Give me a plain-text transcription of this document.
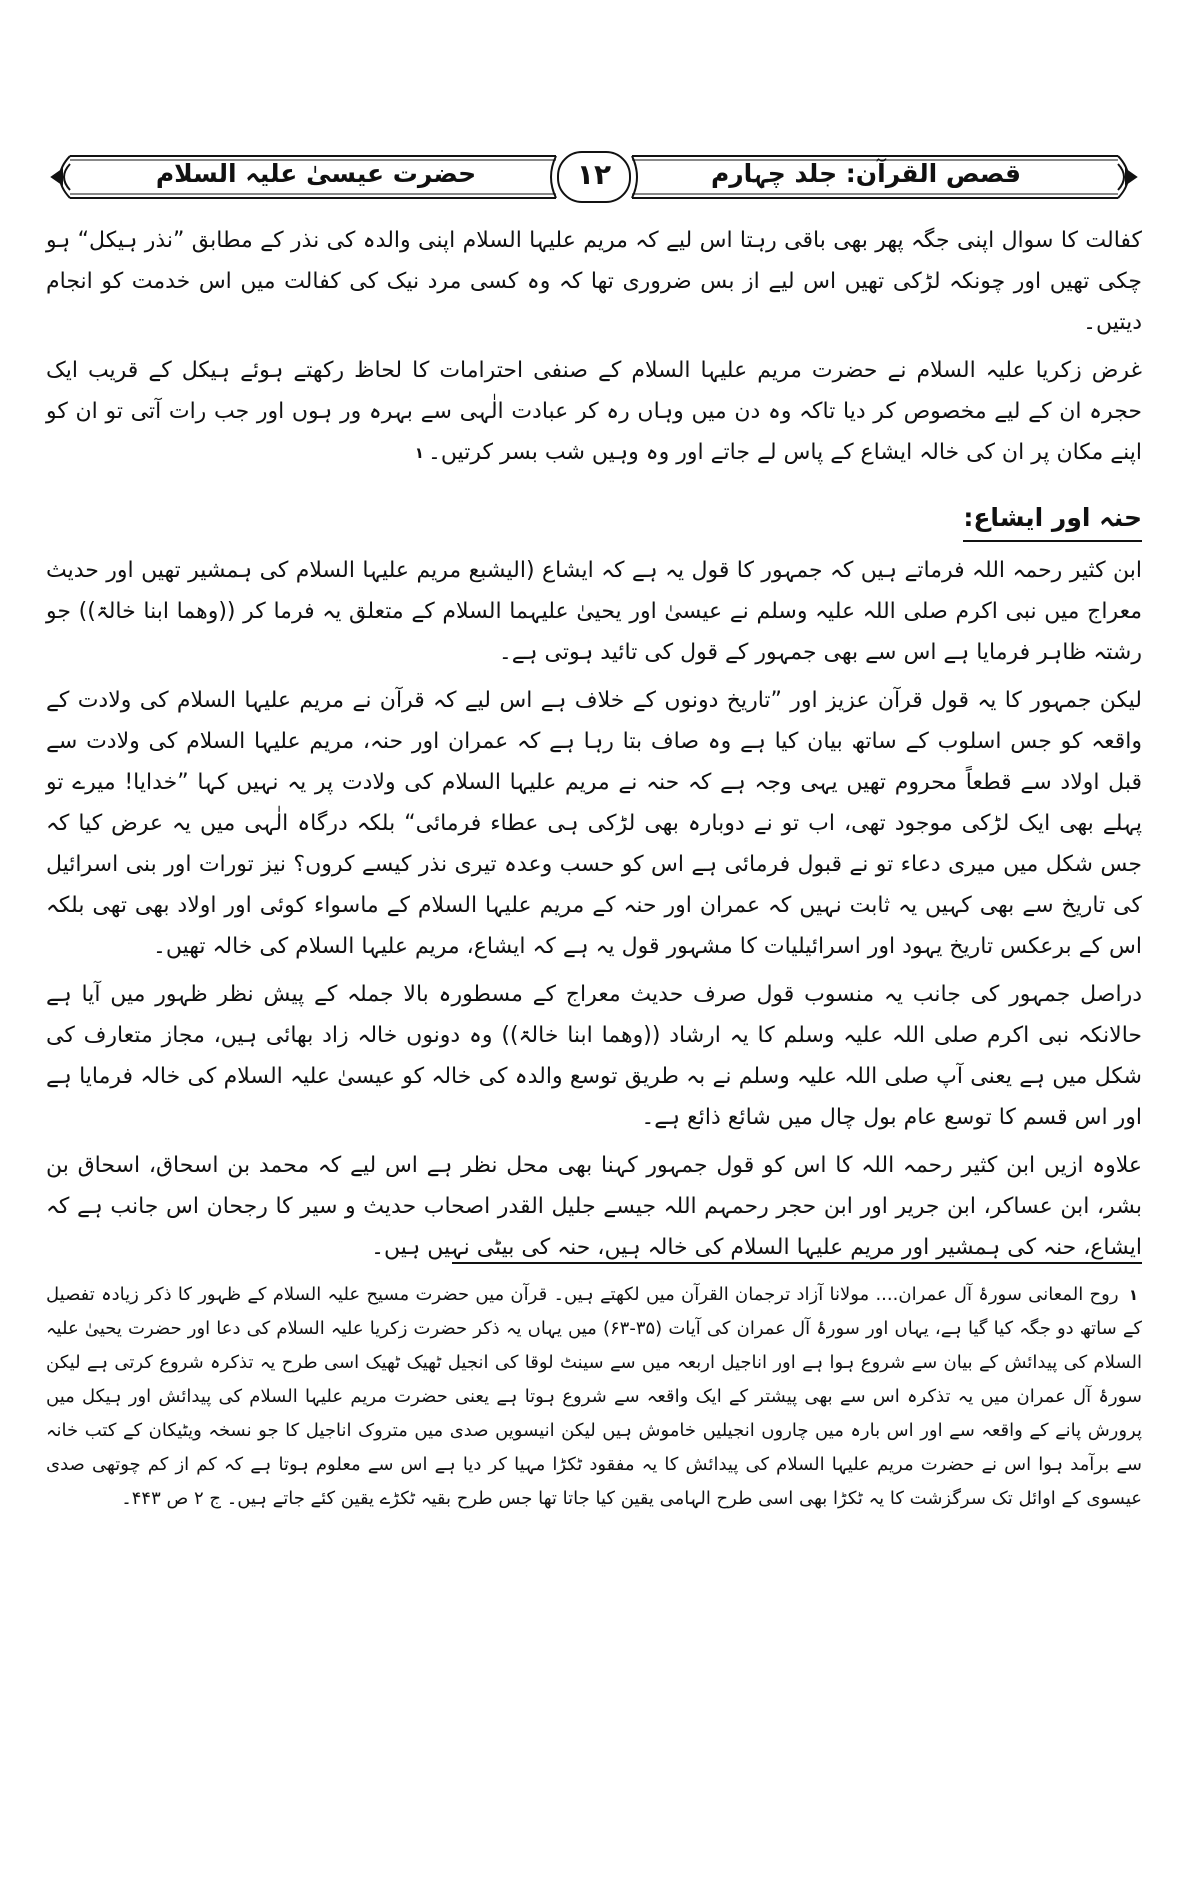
قصص القرآن: جلد چہارم
۱۲
حضرت عیسیٰ علیہ السلام

کفالت کا سوال اپنی جگہ پھر بھی باقی رہتا اس لیے کہ مریم علیہا السلام اپنی والدہ کی نذر کے مطابق ”نذر ہیکل“ ہو چکی تھیں اور چونکہ لڑکی تھیں اس لیے از بس ضروری تھا کہ وہ کسی مرد نیک کی کفالت میں اس خدمت کو انجام دیتیں۔

غرض زکریا علیہ السلام نے حضرت مریم علیہا السلام کے صنفی احترامات کا لحاظ رکھتے ہوئے ہیکل کے قریب ایک حجرہ ان کے لیے مخصوص کر دیا تاکہ وہ دن میں وہاں رہ کر عبادت الٰہی سے بہرہ ور ہوں اور جب رات آتی تو ان کو اپنے مکان پر ان کی خالہ ایشاع کے پاس لے جاتے اور وہ وہیں شب بسر کرتیں۔۱

حنہ اور ایشاع:

ابن کثیر رحمہ اللہ فرماتے ہیں کہ جمہور کا قول یہ ہے کہ ایشاع (الیشبع مریم علیہا السلام کی ہمشیر تھیں اور حدیث معراج میں نبی اکرم صلی اللہ علیہ وسلم نے عیسیٰ اور یحییٰ علیہما السلام کے متعلق یہ فرما کر ((وھما ابنا خالۃ)) جو رشتہ ظاہر فرمایا ہے اس سے بھی جمہور کے قول کی تائید ہوتی ہے۔

لیکن جمہور کا یہ قول قرآن عزیز اور ”تاریخ دونوں کے خلاف ہے اس لیے کہ قرآن نے مریم علیہا السلام کی ولادت کے واقعہ کو جس اسلوب کے ساتھ بیان کیا ہے وہ صاف بتا رہا ہے کہ عمران اور حنہ، مریم علیہا السلام کی ولادت سے قبل اولاد سے قطعاً محروم تھیں یہی وجہ ہے کہ حنہ نے مریم علیہا السلام کی ولادت پر یہ نہیں کہا ”خدایا! میرے تو پہلے بھی ایک لڑکی موجود تھی، اب تو نے دوبارہ بھی لڑکی ہی عطاء فرمائی“ بلکہ درگاہ الٰہی میں یہ عرض کیا کہ جس شکل میں میری دعاء تو نے قبول فرمائی ہے اس کو حسب وعدہ تیری نذر کیسے کروں؟ نیز تورات اور بنی اسرائیل کی تاریخ سے بھی کہیں یہ ثابت نہیں کہ عمران اور حنہ کے مریم علیہا السلام کے ماسواء کوئی اور اولاد بھی تھی بلکہ اس کے برعکس تاریخ یہود اور اسرائیلیات کا مشہور قول یہ ہے کہ ایشاع، مریم علیہا السلام کی خالہ تھیں۔

دراصل جمہور کی جانب یہ منسوب قول صرف حدیث معراج کے مسطورہ بالا جملہ کے پیش نظر ظہور میں آیا ہے حالانکہ نبی اکرم صلی اللہ علیہ وسلم کا یہ ارشاد ((وھما ابنا خالۃ)) وہ دونوں خالہ زاد بھائی ہیں، مجاز متعارف کی شکل میں ہے یعنی آپ صلی اللہ علیہ وسلم نے بہ طریق توسع والدہ کی خالہ کو عیسیٰ علیہ السلام کی خالہ فرمایا ہے اور اس قسم کا توسع عام بول چال میں شائع ذائع ہے۔

علاوہ ازیں ابن کثیر رحمہ اللہ کا اس کو قول جمہور کہنا بھی محل نظر ہے اس لیے کہ محمد بن اسحاق، اسحاق بن بشر، ابن عساکر، ابن جریر اور ابن حجر رحمہم اللہ جیسے جلیل القدر اصحاب حدیث و سیر کا رجحان اس جانب ہے کہ ایشاع، حنہ کی ہمشیر اور مریم علیہا السلام کی خالہ ہیں، حنہ کی بیٹی نہیں ہیں۔

۱ روح المعانی سورۂ آل عمران.... مولانا آزاد ترجمان القرآن میں لکھتے ہیں۔ قرآن میں حضرت مسیح علیہ السلام کے ظہور کا ذکر زیادہ تفصیل کے ساتھ دو جگہ کیا گیا ہے، یہاں اور سورۂ آل عمران کی آیات (۳۵-۶۳) میں یہاں یہ ذکر حضرت زکریا علیہ السلام کی دعا اور حضرت یحییٰ علیہ السلام کی پیدائش کے بیان سے شروع ہوا ہے اور اناجیل اربعہ میں سے سینٹ لوقا کی انجیل ٹھیک ٹھیک اسی طرح یہ تذکرہ شروع کرتی ہے لیکن سورۂ آل عمران میں یہ تذکرہ اس سے بھی پیشتر کے ایک واقعہ سے شروع ہوتا ہے یعنی حضرت مریم علیہا السلام کی پیدائش اور ہیکل میں پرورش پانے کے واقعہ سے اور اس بارہ میں چاروں انجیلیں خاموش ہیں لیکن انیسویں صدی میں متروک اناجیل کا جو نسخہ ویٹیکان کے کتب خانہ سے برآمد ہوا اس نے حضرت مریم علیہا السلام کی پیدائش کا یہ مفقود ٹکڑا مہیا کر دیا ہے اس سے معلوم ہوتا ہے کہ کم از کم چوتھی صدی عیسوی کے اوائل تک سرگزشت کا یہ ٹکڑا بھی اسی طرح الہامی یقین کیا جاتا تھا جس طرح بقیہ ٹکڑے یقین کئے جاتے ہیں۔ ج ۲ ص ۴۴۳۔
